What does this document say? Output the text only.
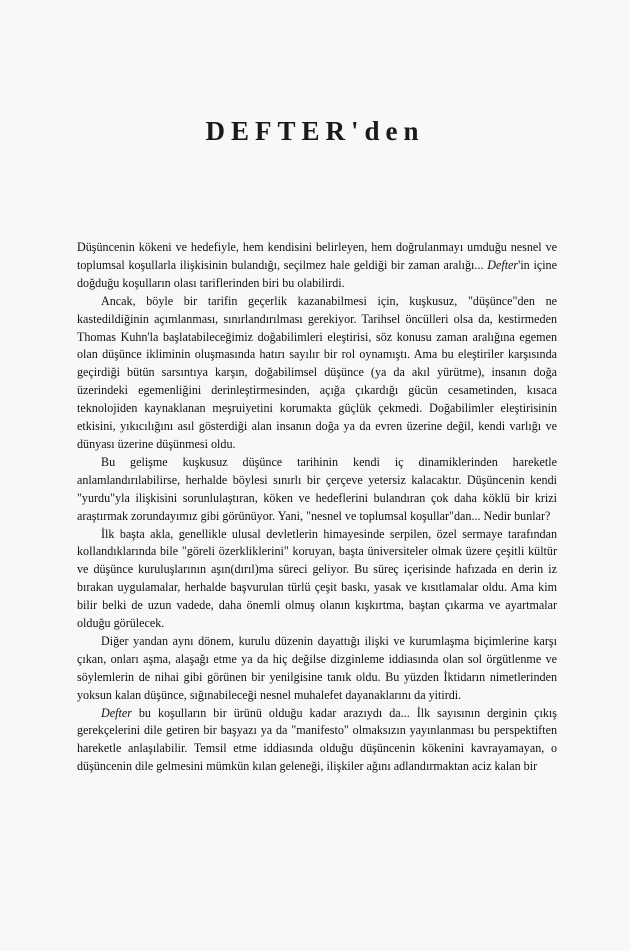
DEFTER'den

Düşüncenin kökeni ve hedefiyle, hem kendisini belirleyen, hem doğrulanmayı umduğu nesnel ve toplumsal koşullarla ilişkisinin bulandığı, seçilmez hale geldiği bir zaman aralığı... Defter'in içine doğduğu koşulların olası tariflerinden biri bu olabilirdi.

Ancak, böyle bir tarifin geçerlik kazanabilmesi için, kuşkusuz, "düşünce"den ne kastedildiğinin açımlanması, sınırlandırılması gerekiyor. Tarihsel öncülleri olsa da, kestirmeden Thomas Kuhn'la başlatabileceğimiz doğabilimleri eleştirisi, söz konusu zaman aralığına egemen olan düşünce ikliminin oluşmasında hatırı sayılır bir rol oynamıştı. Ama bu eleştiriler karşısında geçirdiği bütün sarsıntıya karşın, doğabilimsel düşünce (ya da akıl yürütme), insanın doğa üzerindeki egemenliğini derinleştirmesinden, açığa çıkardığı gücün cesametinden, kısaca teknolojiden kaynaklanan meşruiyetini korumakta güçlük çekmedi. Doğabilimler eleştirisinin etkisini, yıkıcılığını asıl gösterdiği alan insanın doğa ya da evren üzerine değil, kendi varlığı ve dünyası üzerine düşünmesi oldu.

Bu gelişme kuşkusuz düşünce tarihinin kendi iç dinamiklerinden hareketle anlamlandırılabilirse, herhalde böylesi sınırlı bir çerçeve yetersiz kalacaktır. Düşüncenin kendi "yurdu"yla ilişkisini sorunlulaştıran, köken ve hedeflerini bulandıran çok daha köklü bir krizi araştırmak zorundayımız gibi görünüyor. Yani, "nesnel ve toplumsal koşullar"dan... Nedir bunlar?

İlk başta akla, genellikle ulusal devletlerin himayesinde serpilen, özel sermaye tarafından kollandıklarında bile "göreli özerkliklerini" koruyan, başta üniversiteler olmak üzere çeşitli kültür ve düşünce kuruluşlarının aşın(dırıl)ma süreci geliyor. Bu süreç içerisinde hafızada en derin iz bırakan uygulamalar, herhalde başvurulan türlü çeşit baskı, yasak ve kısıtlamalar oldu. Ama kim bilir belki de uzun vadede, daha önemli olmuş olanın kışkırtma, baştan çıkarma ve ayartmalar olduğu görülecek.

Diğer yandan aynı dönem, kurulu düzenin dayattığı ilişki ve kurumlaşma biçimlerine karşı çıkan, onları aşma, alaşağı etme ya da hiç değilse dizginleme iddiasında olan sol örgütlenme ve söylemlerin de nihai gibi görünen bir yenilgisine tanık oldu. Bu yüzden İktidarın nimetlerinden yoksun kalan düşünce, sığınabileceği nesnel muhalefet dayanaklarını da yitirdi.

Defter bu koşulların bir ürünü olduğu kadar arazıydı da... İlk sayısının derginin çıkış gerekçelerini dile getiren bir başyazı ya da "manifesto" olmaksızın yayınlanması bu perspektiften hareketle anlaşılabilir. Temsil etme iddiasında olduğu düşüncenin kökenini kavrayamayan, o düşüncenin dile gelmesini mümkün kılan geleneği, ilişkiler ağını adlandırmaktan aciz kalan bir
